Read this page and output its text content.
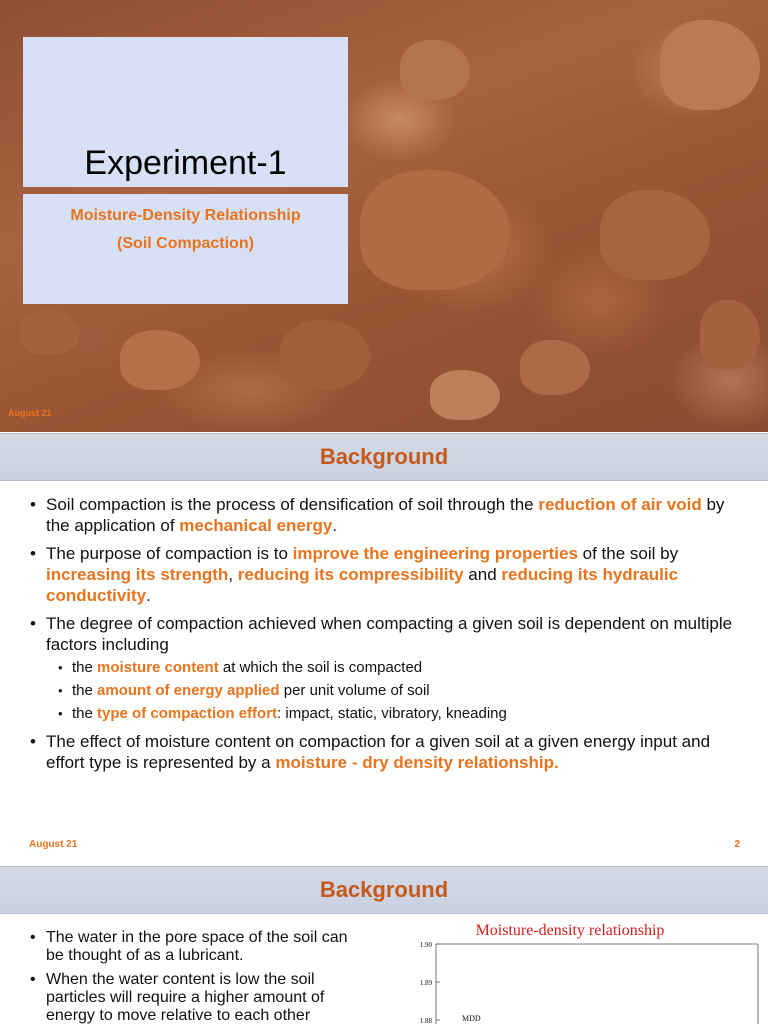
Experiment-1
Moisture-Density Relationship
(Soil Compaction)
August 21
Background
• Soil compaction is the process of densification of soil through the reduction of air void by the application of mechanical energy.
• The purpose of compaction is to improve the engineering properties of the soil by increasing its strength, reducing its compressibility and reducing its hydraulic conductivity.
• The degree of compaction achieved when compacting a given soil is dependent on multiple factors including
• the moisture content at which the soil is compacted
• the amount of energy applied per unit volume of soil
• the type of compaction effort: impact, static, vibratory, kneading
• The effect of moisture content on compaction for a given soil at a given energy input and effort type is represented by a moisture - dry density relationship.
August 21	2
Background
• The water in the pore space of the soil can be thought of as a lubricant.
• When the water content is low the soil particles will require a higher amount of energy to move relative to each other
Moisture-density relationship
1.90
1.89
1.88	MDD
